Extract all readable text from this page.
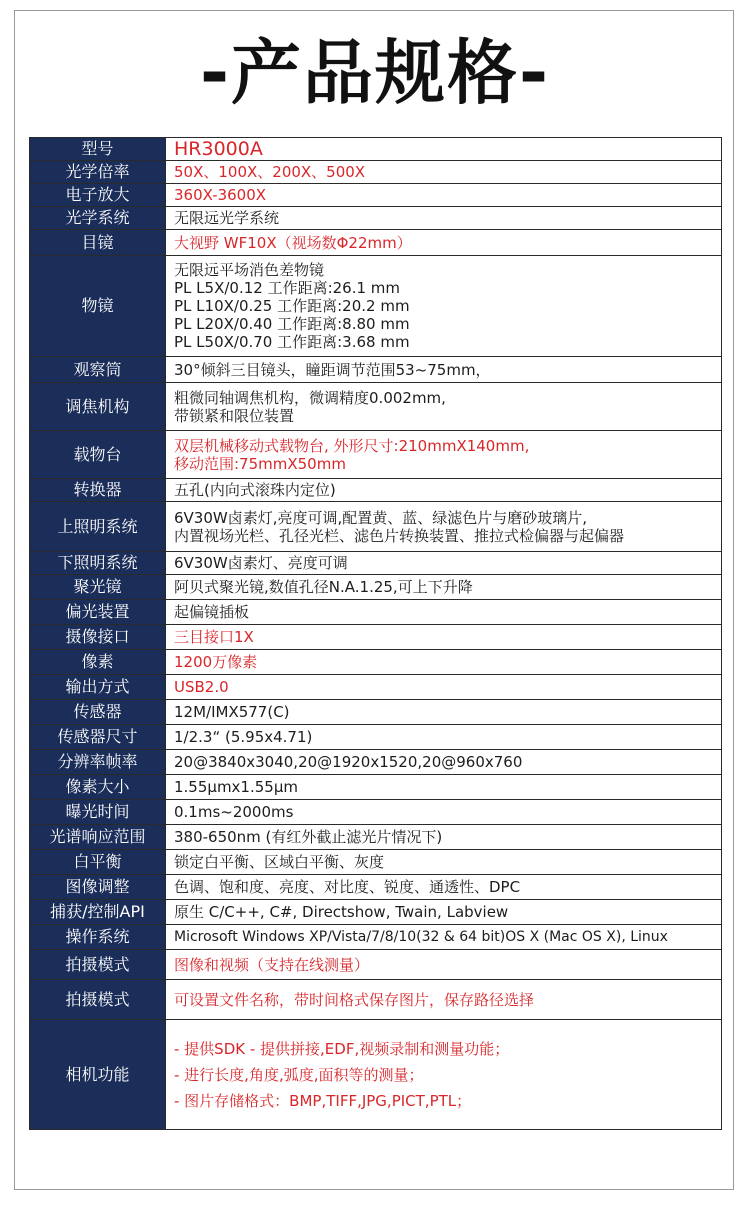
-产品规格-
型号	HR3000A

光学倍率	50X、100X、200X、500X

电子放大	360X-3600X

光学系统	无限远光学系统

目镜	大视野 WF10X（视场数Φ22mm）

物镜	无限远平场消色差物镜
PL L5X/0.12 工作距离:26.1 mm
PL L10X/0.25 工作距离:20.2 mm
PL L20X/0.40 工作距离:8.80 mm
PL L50X/0.70 工作距离:3.68 mm

观察筒	30°倾斜三目镜头，瞳距调节范围53~75mm，

调焦机构	粗微同轴调焦机构，微调精度0.002mm,
带锁紧和限位装置

载物台	双层机械移动式载物台, 外形尺寸:210mmX140mm,
移动范围:75mmX50mm

转换器	五孔(内向式滚珠内定位)

上照明系统	6V30W卤素灯,亮度可调,配置黄、蓝、绿滤色片与磨砂玻璃片,
内置视场光栏、孔径光栏、滤色片转换装置、推拉式检偏器与起偏器

下照明系统	6V30W卤素灯、亮度可调

聚光镜	阿贝式聚光镜,数值孔径N.A.1.25,可上下升降

偏光装置	起偏镜插板

摄像接口	三目接口1X

像素	1200万像素

输出方式	USB2.0

传感器	12M/IMX577(C)

传感器尺寸	1/2.3“ (5.95x4.71)

分辨率帧率	20@3840x3040,20@1920x1520,20@960x760

像素大小	1.55μmx1.55μm

曝光时间	0.1ms~2000ms

光谱响应范围	380-650nm (有红外截止滤光片情况下)

白平衡	锁定白平衡、区域白平衡、灰度

图像调整	色调、饱和度、亮度、对比度、锐度、通透性、DPC

捕获/控制API	原生 C/C++, C#, Directshow, Twain, Labview

操作系统	Microsoft Windows XP/Vista/7/8/10(32 & 64 bit)OS X (Mac OS X), Linux

拍摄模式	图像和视频（支持在线测量）

拍摄模式	可设置文件名称，带时间格式保存图片，保存路径选择

相机功能	- 提供SDK - 提供拼接,EDF,视频录制和测量功能；
- 进行长度,角度,弧度,面积等的测量；
- 图片存储格式：BMP,TIFF,JPG,PICT,PTL；
